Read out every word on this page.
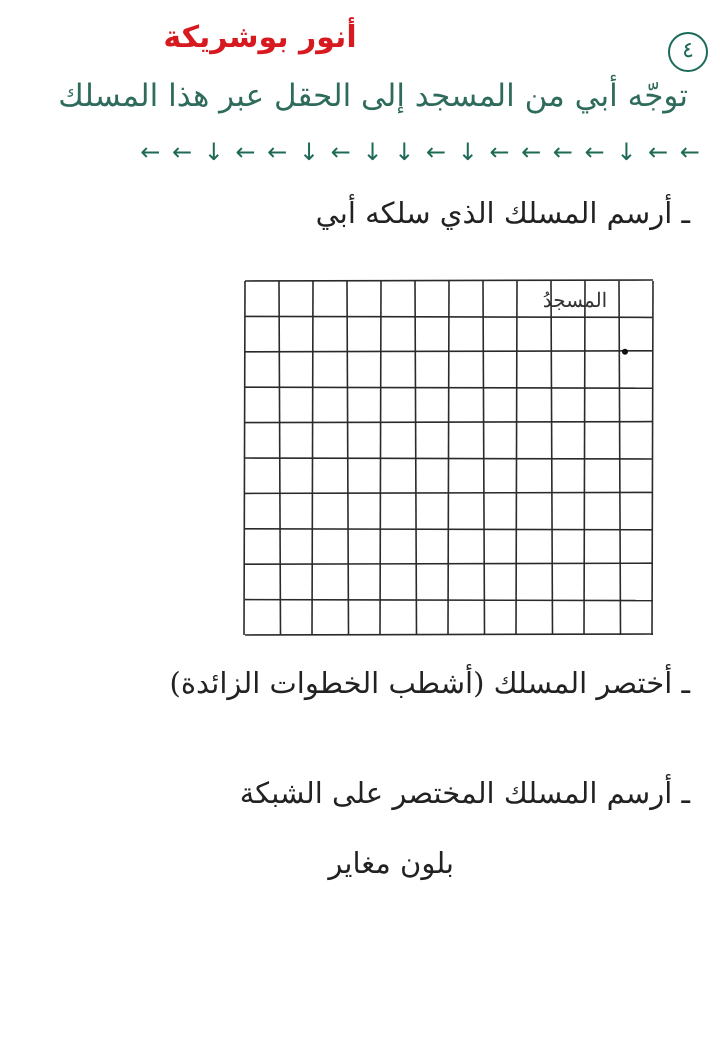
أنور بوشريكة	٤
توجّه أبي من المسجد إلى الحقل عبر هذا المسلك
← ← ↓ ← ← ← ← ↓ ← ↓ ↓ ← ↓ ← ← ↓ ← ←
ـ أرسم المسلك الذي سلكه أبي
المسجدُ
ـ أختصر المسلك (أشطب الخطوات الزائدة)
ـ أرسم المسلك المختصر على الشبكة
بلون مغاير
